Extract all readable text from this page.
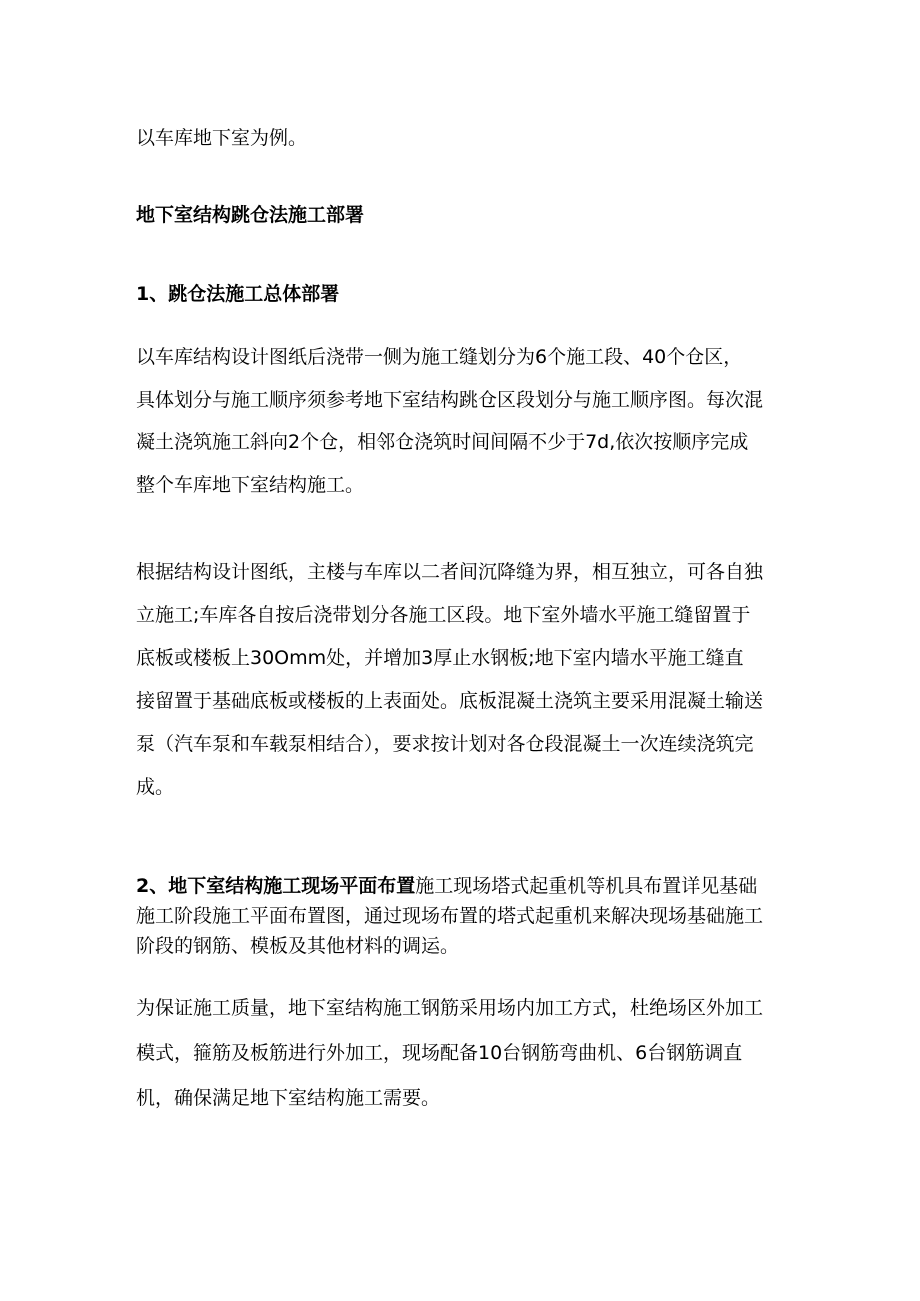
以车库地下室为例。
地下室结构跳仓法施工部署
1、跳仓法施工总体部署
以车库结构设计图纸后浇带一侧为施工缝划分为6个施工段、40个仓区，
具体划分与施工顺序须参考地下室结构跳仓区段划分与施工顺序图。每次混
凝土浇筑施工斜向2个仓，相邻仓浇筑时间间隔不少于7d,依次按顺序完成
整个车库地下室结构施工。
根据结构设计图纸，主楼与车库以二者间沉降缝为界，相互独立，可各自独
立施工;车库各自按后浇带划分各施工区段。地下室外墙水平施工缝留置于
底板或楼板上30Omm处，并增加3厚止水钢板;地下室内墙水平施工缝直
接留置于基础底板或楼板的上表面处。底板混凝土浇筑主要采用混凝土输送
泵（汽车泵和车载泵相结合），要求按计划对各仓段混凝土一次连续浇筑完
成。
2、地下室结构施工现场平面布置施工现场塔式起重机等机具布置详见基础
施工阶段施工平面布置图，通过现场布置的塔式起重机来解决现场基础施工
阶段的钢筋、模板及其他材料的调运。
为保证施工质量，地下室结构施工钢筋采用场内加工方式，杜绝场区外加工
模式，箍筋及板筋进行外加工，现场配备10台钢筋弯曲机、6台钢筋调直
机，确保满足地下室结构施工需要。
